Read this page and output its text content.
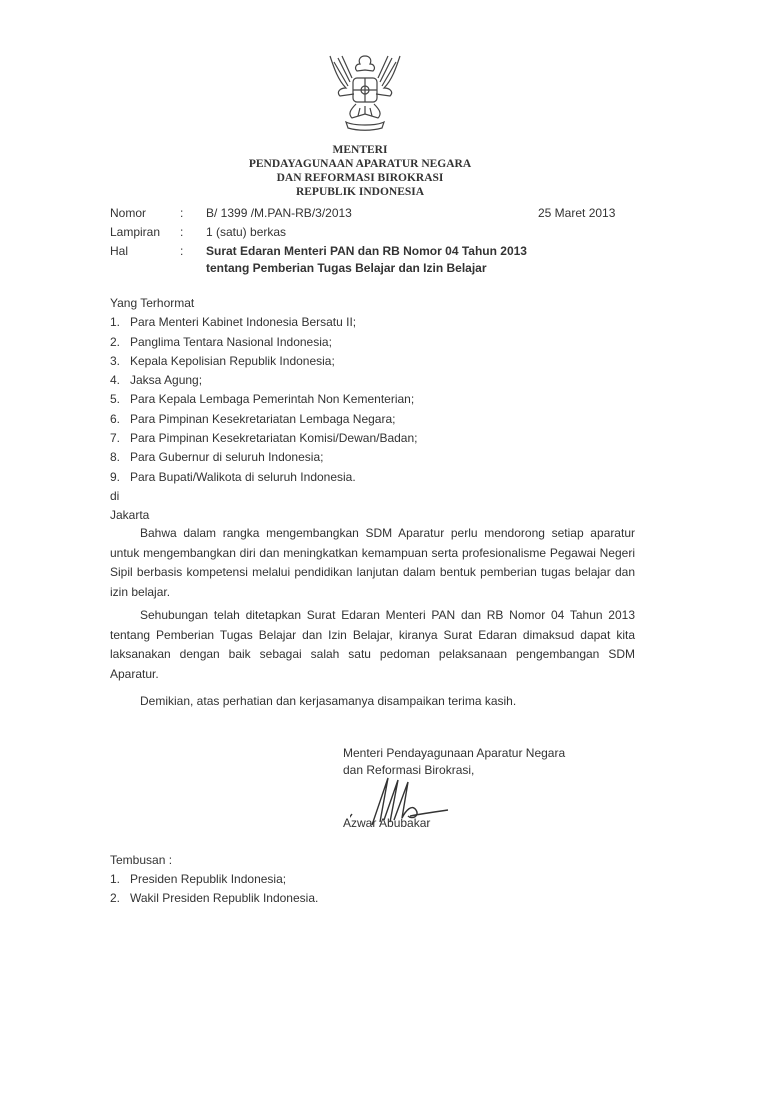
MENTERI
PENDAYAGUNAAN APARATUR NEGARA
DAN REFORMASI BIROKRASI
REPUBLIK INDONESIA
Nomor	:	B/ 1399 /M.PAN-RB/3/2013	25 Maret 2013
Lampiran	:	1 (satu) berkas
Hal	:	Surat Edaran Menteri PAN dan RB Nomor 04 Tahun 2013
tentang Pemberian Tugas Belajar dan Izin Belajar
Yang Terhormat
1. Para Menteri Kabinet Indonesia Bersatu II;
2. Panglima Tentara Nasional Indonesia;
3. Kepala Kepolisian Republik Indonesia;
4. Jaksa Agung;
5. Para Kepala Lembaga Pemerintah Non Kementerian;
6. Para Pimpinan Kesekretariatan Lembaga Negara;
7. Para Pimpinan Kesekretariatan Komisi/Dewan/Badan;
8. Para Gubernur di seluruh Indonesia;
9. Para Bupati/Walikota di seluruh Indonesia.
di
Jakarta
Bahwa dalam rangka mengembangkan SDM Aparatur perlu mendorong setiap aparatur untuk mengembangkan diri dan meningkatkan kemampuan serta profesionalisme Pegawai Negeri Sipil berbasis kompetensi melalui pendidikan lanjutan dalam bentuk pemberian tugas belajar dan izin belajar.
Sehubungan telah ditetapkan Surat Edaran Menteri PAN dan RB Nomor 04 Tahun 2013 tentang Pemberian Tugas Belajar dan Izin Belajar, kiranya Surat Edaran dimaksud dapat kita laksanakan dengan baik sebagai salah satu pedoman pelaksanaan pengembangan SDM Aparatur.
Demikian, atas perhatian dan kerjasamanya disampaikan terima kasih.
Menteri Pendayagunaan Aparatur Negara
dan Reformasi Birokrasi,
Azwar Abubakar
Tembusan :
1. Presiden Republik Indonesia;
2. Wakil Presiden Republik Indonesia.
